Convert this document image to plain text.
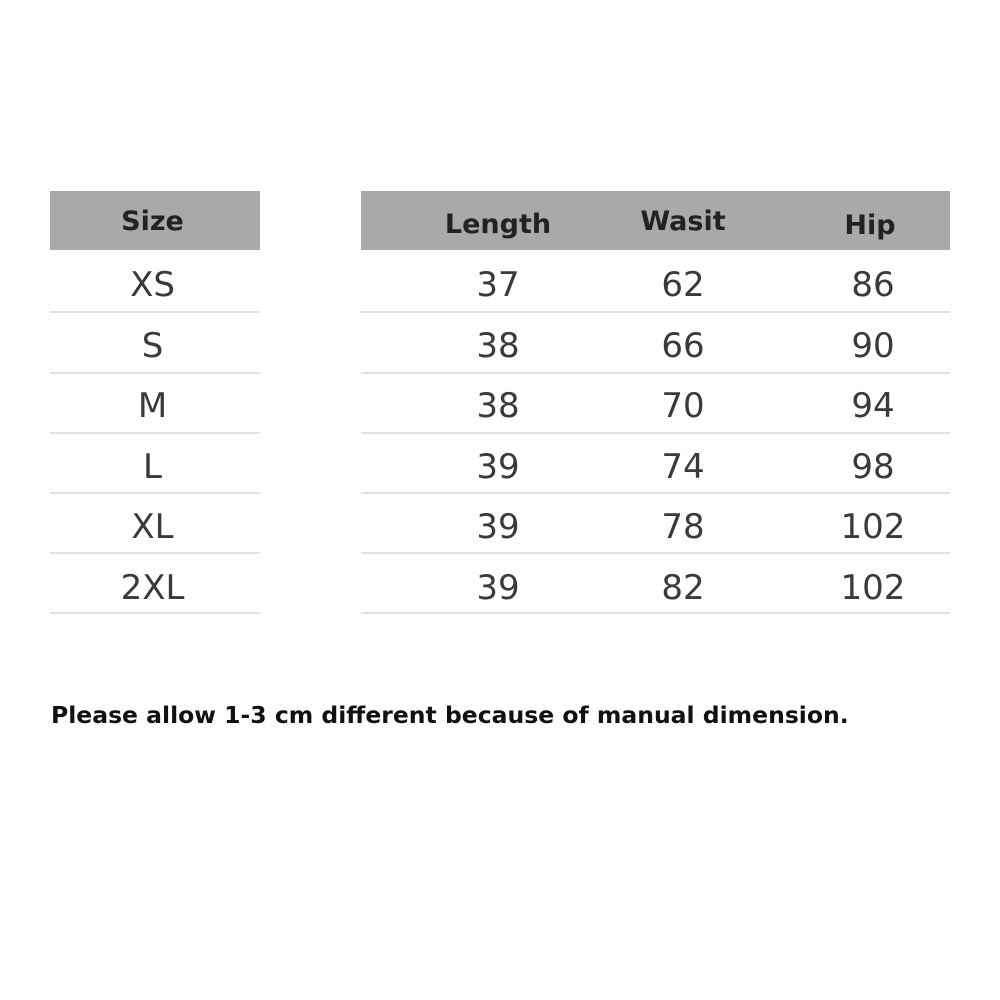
Size	Length	Wasit	Hip
XS	37	62	86
S	38	66	90
M	38	70	94
L	39	74	98
XL	39	78	102
2XL	39	82	102
Please allow 1-3 cm different because of manual dimension.
